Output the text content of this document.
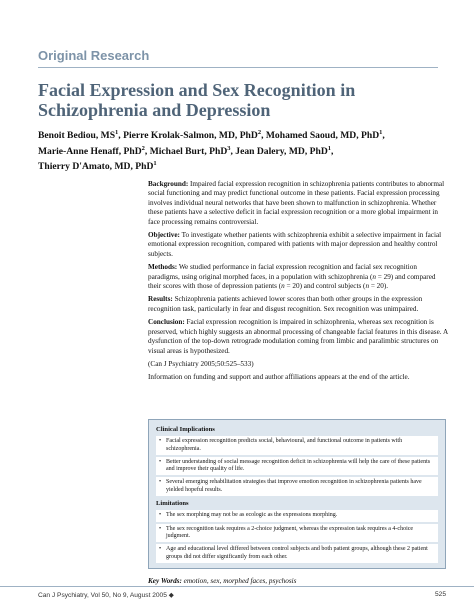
Original Research
Facial Expression and Sex Recognition in
Schizophrenia and Depression
Benoit Bediou, $MS^1$, Pierre Krolak-Salmon, MD, PhD$^2$, Mohamed Saoud, MD, PhD$^1$,
Marie-Anne Henaff, PhD$^2$, Michael Burt, PhD$^3$, Jean Dalery, MD, PhD$^1$,
Thierry D'Amato, MD, PhD$^1$

Background: Impaired facial expression recognition in schizophrenia patients contributes to abnormal social functioning and may predict functional outcome in these patients. Facial expression processing involves individual neural networks that have been shown to malfunction in schizophrenia. Whether these patients have a selective deficit in facial expression recognition or a more global impairment in face processing remains controversial.

Objective: To investigate whether patients with schizophrenia exhibit a selective impairment in facial emotional expression recognition, compared with patients with major depression and healthy control subjects.

Methods: We studied performance in facial expression recognition and facial sex recognition paradigms, using original morphed faces, in a population with schizophrenia (n = 29) and compared their scores with those of depression patients (n = 20) and control subjects (n = 20).

Results: Schizophrenia patients achieved lower scores than both other groups in the expression recognition task, particularly in fear and disgust recognition. Sex recognition was unimpaired.

Conclusion: Facial expression recognition is impaired in schizophrenia, whereas sex recognition is preserved, which highly suggests an abnormal processing of changeable facial features in this disease. A dysfunction of the top-down retrograde modulation coming from limbic and paralimbic structures on visual areas is hypothesized.

(Can J Psychiatry 2005;50:525–533)

Information on funding and support and author affiliations appears at the end of the article.

Clinical Implications
• Facial expression recognition predicts social, behavioural, and functional outcome in patients with schizophrenia.
• Better understanding of social message recognition deficit in schizophrenia will help the care of these patients and improve their quality of life.
• Several emerging rehabilitation strategies that improve emotion recognition in schizophrenia patients have yielded hopeful results.
Limitations
• The sex morphing may not be as ecologic as the expressions morphing.
• The sex recognition task requires a 2-choice judgment, whereas the expression task requires a 4-choice judgment.
• Age and educational level differed between control subjects and both patient groups, although these 2 patient groups did not differ significantly from each other.
Key Words: emotion, sex, morphed faces, psychosis
Can J Psychiatry, Vol 50, No 9, August 2005 ◆	525
